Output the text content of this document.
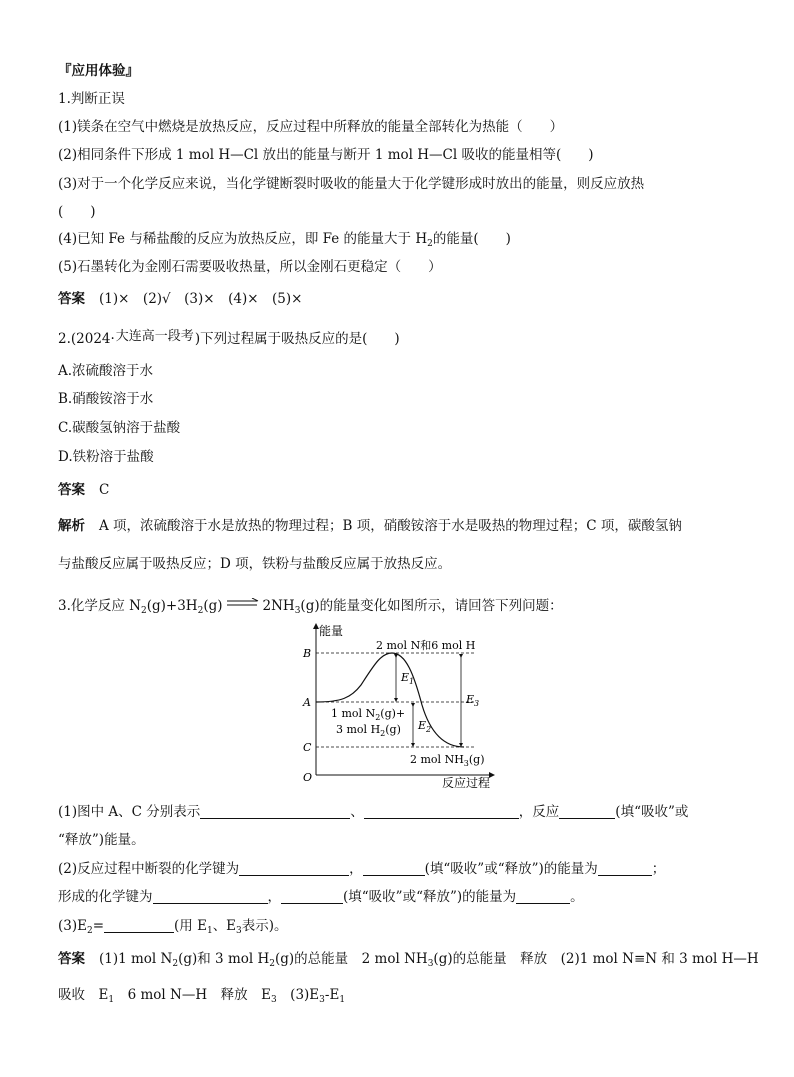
『应用体验』
1.判断正误
(1)镁条在空气中燃烧是放热反应，反应过程中所释放的能量全部转化为热能（　　）
(2)相同条件下形成 1 mol H—Cl 放出的能量与断开 1 mol H—Cl 吸收的能量相等(　　)
(3)对于一个化学反应来说，当化学键断裂时吸收的能量大于化学键形成时放出的能量，则反应放热
(　　)
(4)已知 Fe 与稀盐酸的反应为放热反应，即 Fe 的能量大于 $H_2$的能量(　　)
(5)石墨转化为金刚石需要吸收热量，所以金刚石更稳定（　　）
答案 (1)×　(2)√　(3)×　(4)×　(5)×
2.(2024·大连高一段考)下列过程属于吸热反应的是(　　)
A.浓硫酸溶于水
B.硝酸铵溶于水
C.碳酸氢钠溶于盐酸
D.铁粉溶于盐酸
答案 C
解析 A 项，浓硫酸溶于水是放热的物理过程；B 项，硝酸铵溶于水是吸热的物理过程；C 项，碳酸氢钠
与盐酸反应属于吸热反应；D 项，铁粉与盐酸反应属于放热反应。
3.化学反应 $N_2(g)+3H_2(g)$	$2NH_3(g)$的能量变化如图所示，请回答下列问题：
能量
反应过程
O
B
A
C
$E_1$
$E_2$
$E_3$
2 mol N和6 mol H
1 mol $N_2(g)+$
3 mol $H_2(g)$
2 mol $NH_3(g)$
(1)图中 A、C 分别表示	、	，反应	(填“吸收”或
“释放”)能量。
(2)反应过程中断裂的化学键为	，	(填“吸收”或“释放”)的能量为	；
形成的化学键为	，	(填“吸收”或“释放”)的能量为	。
$(3)E_2=$	(用 $E_1$、$E_3$表示)。
答案 (1)1 mol $N_2(g)$和 3 mol $H_2(g)$的总能量　2 mol $NH_3(g)$的总能量　释放　(2)1 mol N≡N 和 3 mol H—H
吸收　$E_1$　6 mol N—H　释放　$E_3$　$(3)E_3-E_1$
